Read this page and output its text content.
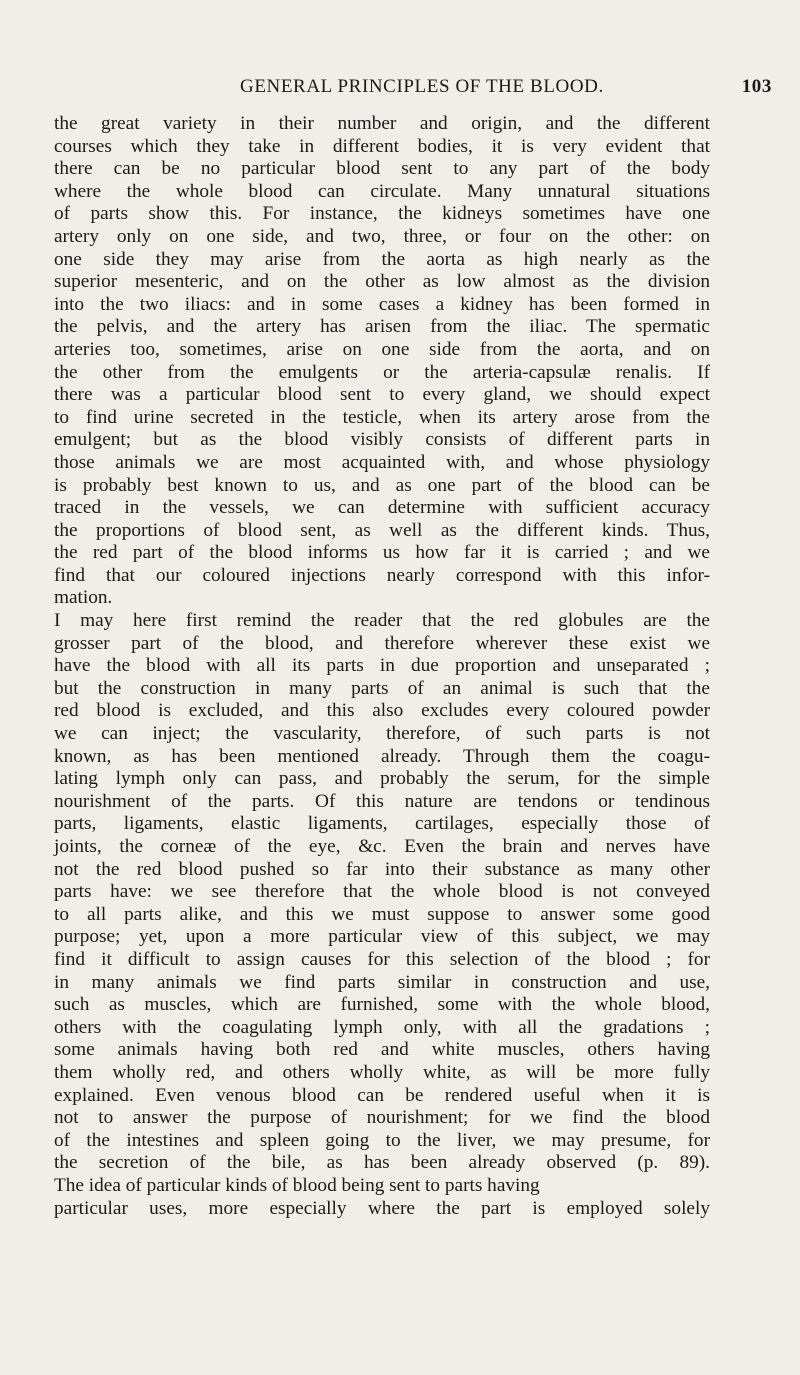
GENERAL PRINCIPLES OF THE BLOOD.	103
the great variety in their number and origin, and the different
courses which they take in different bodies, it is very evident that
there can be no particular blood sent to any part of the body
where the whole blood can circulate. Many unnatural situations
of parts show this. For instance, the kidneys sometimes have one
artery only on one side, and two, three, or four on the other: on
one side they may arise from the aorta as high nearly as the
superior mesenteric, and on the other as low almost as the division
into the two iliacs: and in some cases a kidney has been formed in
the pelvis, and the artery has arisen from the iliac. The spermatic
arteries too, sometimes, arise on one side from the aorta, and on
the other from the emulgents or the arteria-capsulæ renalis. If
there was a particular blood sent to every gland, we should expect
to find urine secreted in the testicle, when its artery arose from the
emulgent; but as the blood visibly consists of different parts in
those animals we are most acquainted with, and whose physiology
is probably best known to us, and as one part of the blood can be
traced in the vessels, we can determine with sufficient accuracy
the proportions of blood sent, as well as the different kinds. Thus,
the red part of the blood informs us how far it is carried ; and we
find that our coloured injections nearly correspond with this infor-
mation.
I may here first remind the reader that the red globules are the
grosser part of the blood, and therefore wherever these exist we
have the blood with all its parts in due proportion and unseparated ;
but the construction in many parts of an animal is such that the
red blood is excluded, and this also excludes every coloured powder
we can inject; the vascularity, therefore, of such parts is not
known, as has been mentioned already. Through them the coagu-
lating lymph only can pass, and probably the serum, for the simple
nourishment of the parts. Of this nature are tendons or tendinous
parts, ligaments, elastic ligaments, cartilages, especially those of
joints, the corneæ of the eye, &c. Even the brain and nerves have
not the red blood pushed so far into their substance as many other
parts have: we see therefore that the whole blood is not conveyed
to all parts alike, and this we must suppose to answer some good
purpose; yet, upon a more particular view of this subject, we may
find it difficult to assign causes for this selection of the blood ; for
in many animals we find parts similar in construction and use,
such as muscles, which are furnished, some with the whole blood,
others with the coagulating lymph only, with all the gradations ;
some animals having both red and white muscles, others having
them wholly red, and others wholly white, as will be more fully
explained. Even venous blood can be rendered useful when it is
not to answer the purpose of nourishment; for we find the blood
of the intestines and spleen going to the liver, we may presume, for
the secretion of the bile, as has been already observed (p. 89).
The idea of particular kinds of blood being sent to parts having
particular uses, more especially where the part is employed solely
